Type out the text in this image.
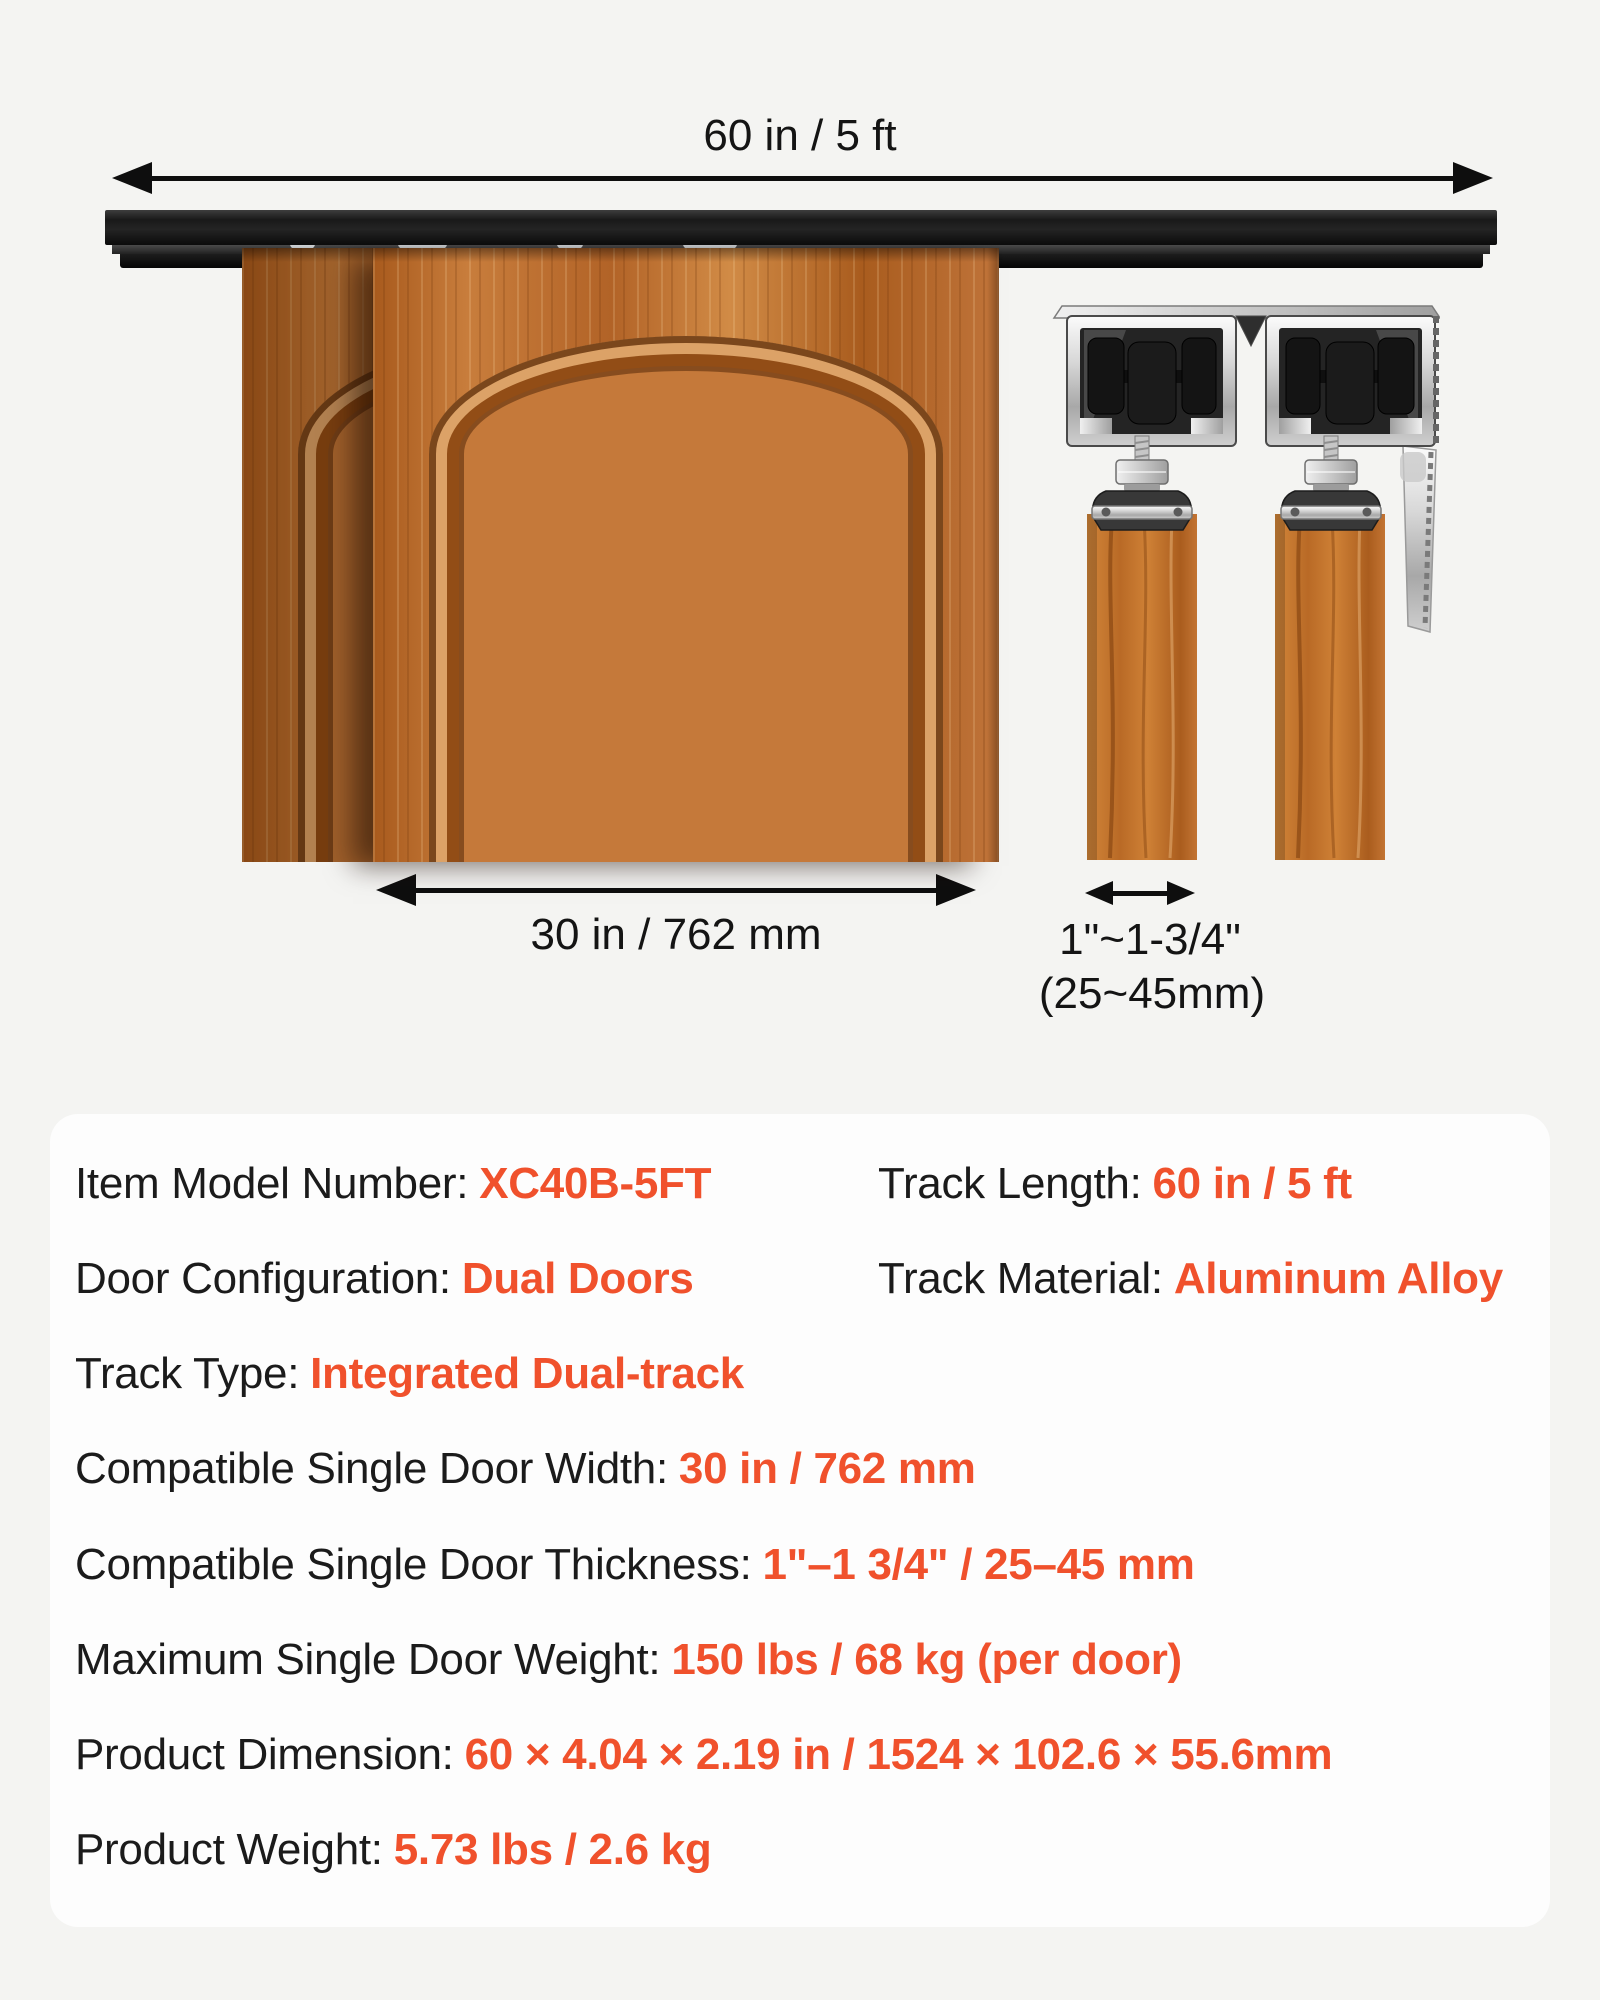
60 in / 5 ft
30 in / 762 mm	1"~1-3/4"
(25~45mm)
Item Model Number: XC40B-5FT	Track Length: 60 in / 5 ft
Door Configuration: Dual Doors	Track Material: Aluminum Alloy
Track Type: Integrated Dual-track
Compatible Single Door Width: 30 in / 762 mm
Compatible Single Door Thickness: 1"–1 3/4" / 25–45 mm
Maximum Single Door Weight: 150 lbs / 68 kg (per door)
Product Dimension: 60 × 4.04 × 2.19 in / 1524 × 102.6 × 55.6mm
Product Weight: 5.73 lbs / 2.6 kg
